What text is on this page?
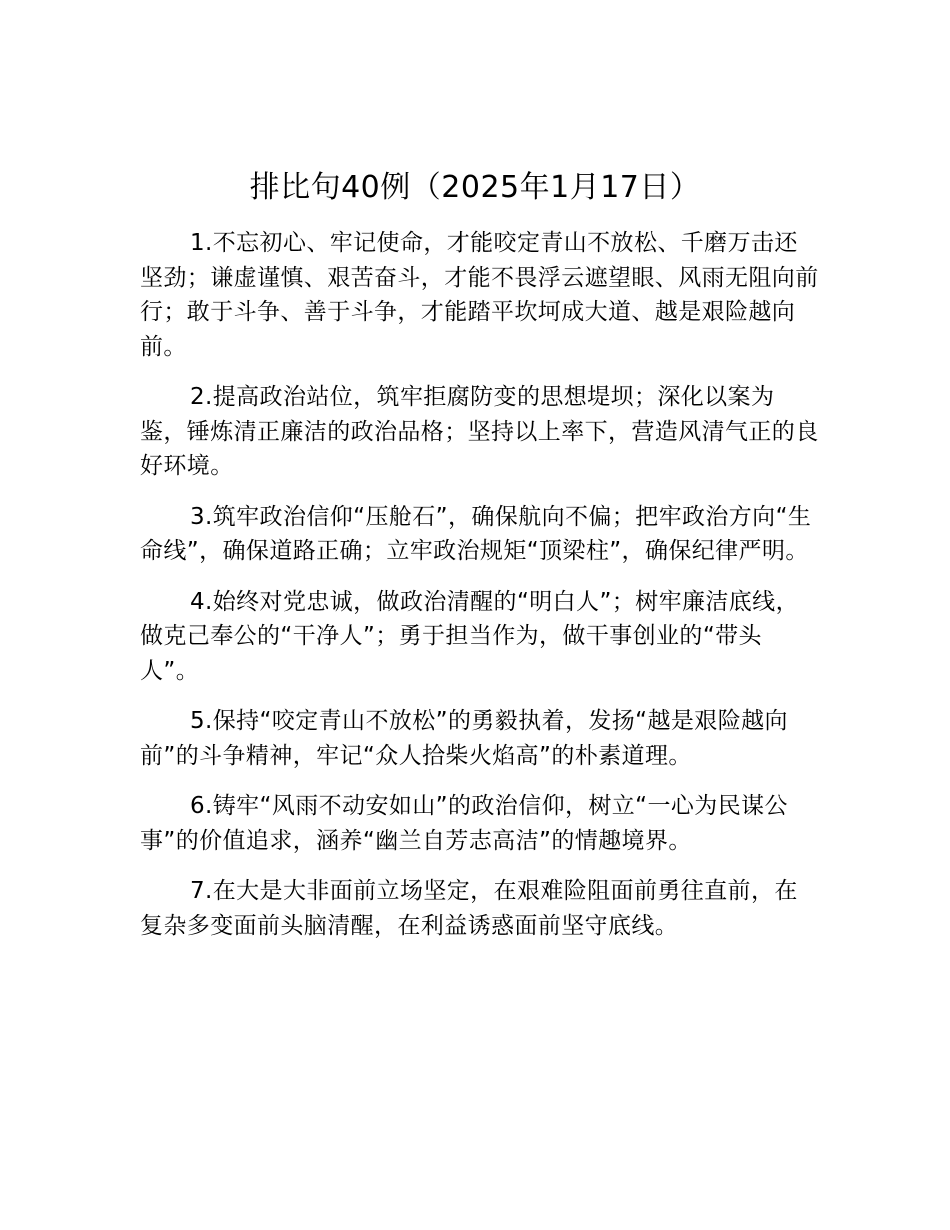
排比句40例（2025年1月17日）

1.不忘初心、牢记使命，才能咬定青山不放松、千磨万击还坚劲；谦虚谨慎、艰苦奋斗，才能不畏浮云遮望眼、风雨无阻向前行；敢于斗争、善于斗争，才能踏平坎坷成大道、越是艰险越向前。

2.提高政治站位，筑牢拒腐防变的思想堤坝；深化以案为鉴，锤炼清正廉洁的政治品格；坚持以上率下，营造风清气正的良好环境。

3.筑牢政治信仰“压舱石”，确保航向不偏；把牢政治方向“生命线”，确保道路正确；立牢政治规矩“顶梁柱”，确保纪律严明。

4.始终对党忠诚，做政治清醒的“明白人”；树牢廉洁底线，做克己奉公的“干净人”；勇于担当作为，做干事创业的“带头人”。

5.保持“咬定青山不放松”的勇毅执着，发扬“越是艰险越向前”的斗争精神，牢记“众人拾柴火焰高”的朴素道理。

6.铸牢“风雨不动安如山”的政治信仰，树立“一心为民谋公事”的价值追求，涵养“幽兰自芳志高洁”的情趣境界。

7.在大是大非面前立场坚定，在艰难险阻面前勇往直前，在复杂多变面前头脑清醒，在利益诱惑面前坚守底线。
